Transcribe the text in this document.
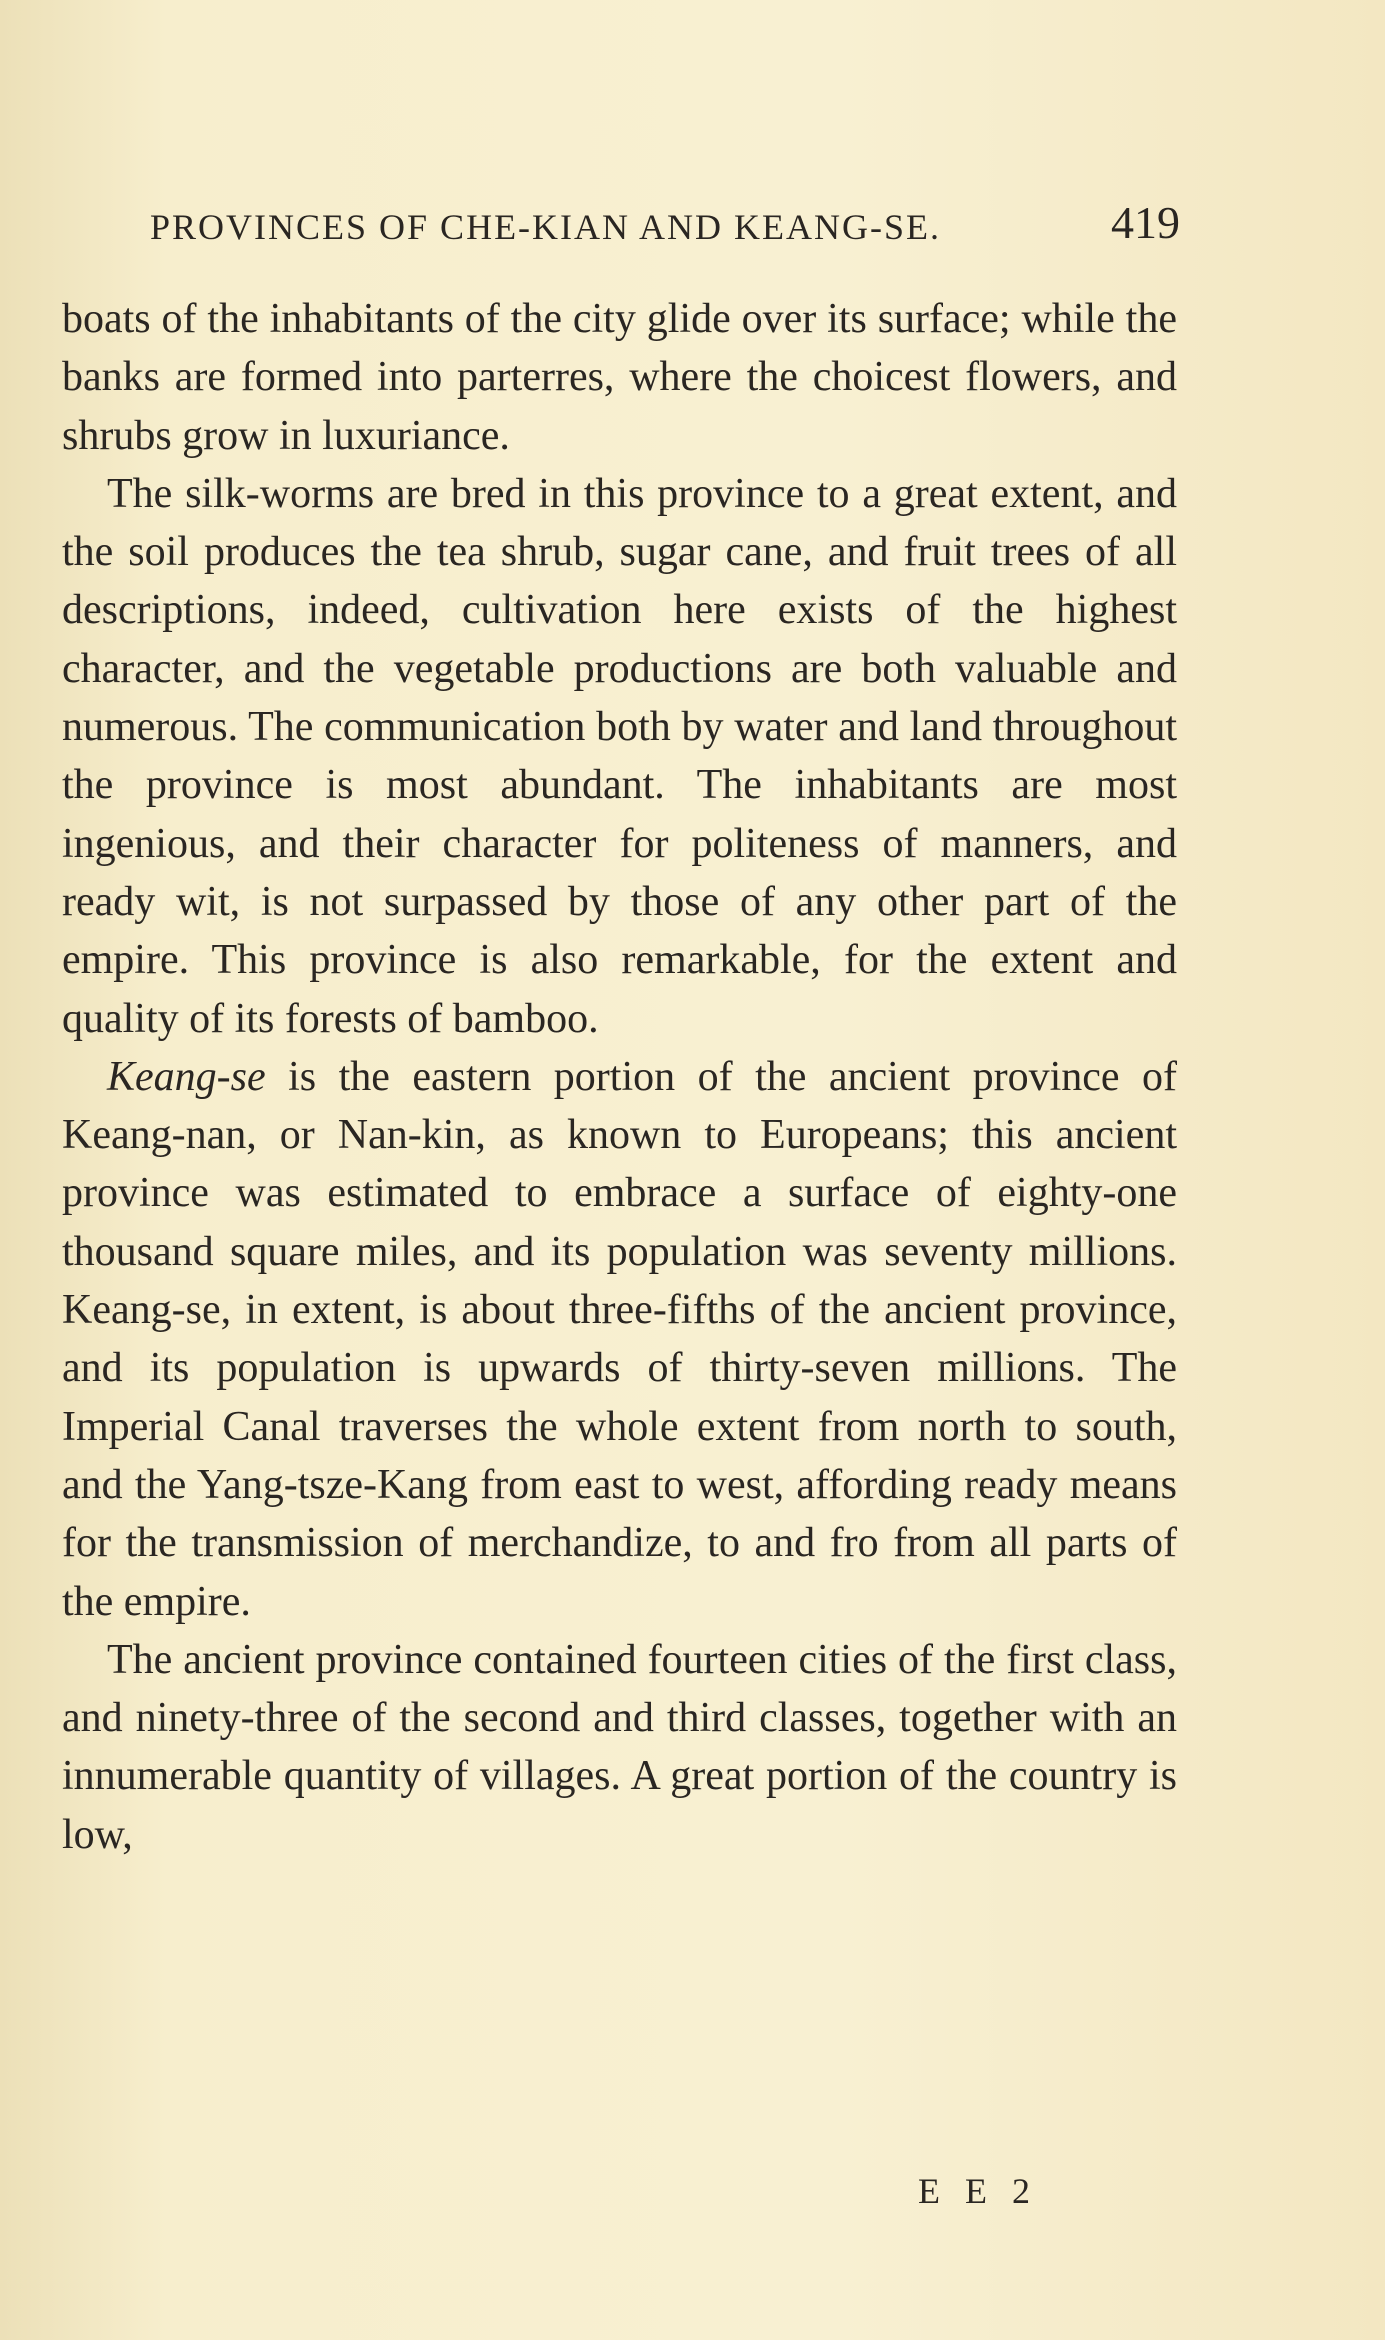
PROVINCES OF CHE-KIAN AND KEANG-SE.	419

boats of the inhabitants of the city glide over its surface; while the banks are formed into parterres, where the choicest flowers, and shrubs grow in luxuriance.

The silk-worms are bred in this province to a great extent, and the soil produces the tea shrub, sugar cane, and fruit trees of all descriptions, indeed, cultivation here exists of the highest character, and the vegetable productions are both valuable and numerous. The communication both by water and land throughout the province is most abundant. The inhabitants are most ingenious, and their character for politeness of manners, and ready wit, is not surpassed by those of any other part of the empire. This province is also remarkable, for the extent and quality of its forests of bamboo.

Keang-se is the eastern portion of the ancient province of Keang-nan, or Nan-kin, as known to Europeans; this ancient province was estimated to embrace a surface of eighty-one thousand square miles, and its population was seventy millions. Keang-se, in extent, is about three-fifths of the ancient province, and its population is upwards of thirty-seven millions. The Imperial Canal traverses the whole extent from north to south, and the Yang-tsze-Kang from east to west, affording ready means for the transmission of merchandize, to and fro from all parts of the empire.

The ancient province contained fourteen cities of the first class, and ninety-three of the second and third classes, together with an innumerable quantity of villages. A great portion of the country is low,

E E 2
